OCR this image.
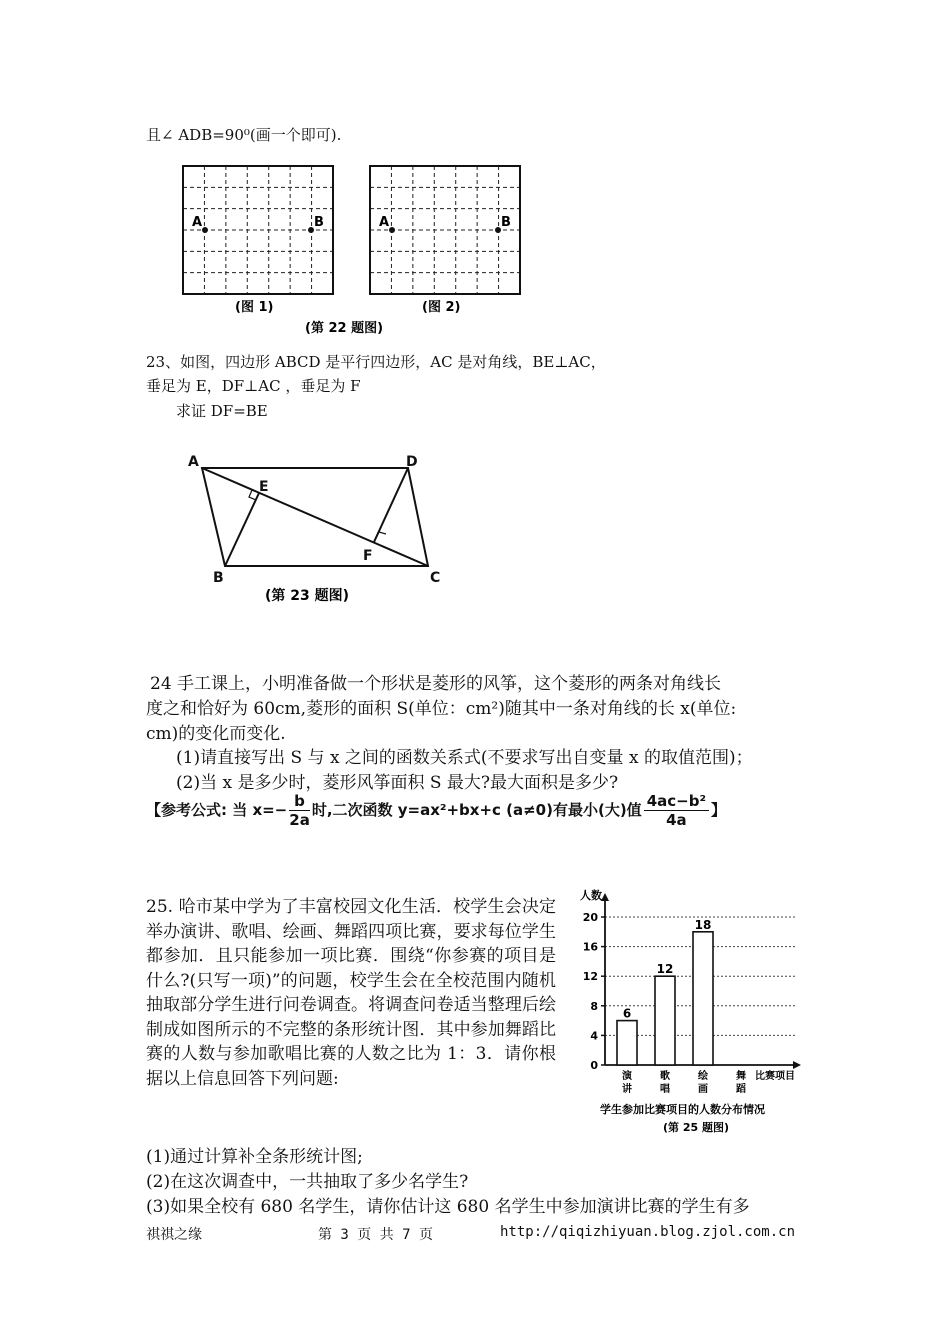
且∠ ADB=90⁰(画一个即可).
A	B
(图 1)
A	B
(图 2)
(第 22 题图)
23、如图，四边形 ABCD 是平行四边形，AC 是对角线，BE⊥AC，
垂足为 E，DF⊥AC ，垂足为 F
求证 DF=BE
A	D
E
F
B	C
(第 23 题图)
24 手工课上，小明准备做一个形状是菱形的风筝，这个菱形的两条对角线长
度之和恰好为 60cm,菱形的面积 S(单位：cm²)随其中一条对角线的长 x(单位:
cm)的变化而变化.
(1)请直接写出 S 与 x 之间的函数关系式(不要求写出自变量 x 的取值范围)；
(2)当 x 是多少时，菱形风筝面积 S 最大?最大面积是多少?
【参考公式: 当 $x=- \frac{b}{2a}$ 时,二次函数 y=ax²+bx+c (a≠0)有最小(大)值 $\frac{\text{4ac−b²}}{4a}$ 】
25. 哈市某中学为了丰富校园文化生活．校学生会决定举办演讲、歌唱、绘画、舞蹈四项比赛，要求每位学生都参加．且只能参加一项比赛．围绕“你参赛的项目是什么?(只写一项)”的问题，校学生会在全校范围内随机抽取部分学生进行问卷调查。将调查问卷适当整理后绘制成如图所示的不完整的条形统计图．其中参加舞蹈比赛的人数与参加歌唱比赛的人数之比为 1：3．请你根据以上信息回答下列问题:
(1)通过计算补全条形统计图;
(2)在这次调查中，一共抽取了多少名学生?
(3)如果全校有 680 名学生，请你估计这 680 名学生中参加演讲比赛的学生有多
人数
6
12
18
0
4
8
12
16
20
演
讲
歌
唱
绘
画
舞
蹈
比赛项目
学生参加比赛项目的人数分布情况
(第 25 题图)
祺祺之缘	第 3 页 共 7 页	http://qiqizhiyuan.blog.zjol.com.cn
